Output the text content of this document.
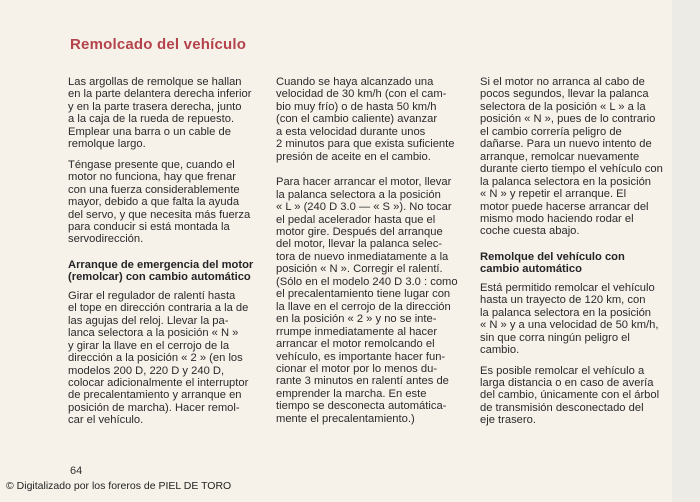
Remolcado del vehículo

Las argollas de remolque se hallan
en la parte delantera derecha inferior
y en la parte trasera derecha, junto
a la caja de la rueda de repuesto.
Emplear una barra o un cable de
remolque largo.

Téngase presente que, cuando el
motor no funciona, hay que frenar
con una fuerza considerablemente
mayor, debido a que falta la ayuda
del servo, y que necesita más fuerza
para conducir si está montada la
servodirección.

Arranque de emergencia del motor
(remolcar) con cambio automático

Girar el regulador de ralentí hasta
el tope en dirección contraria a la de
las agujas del reloj. Llevar la pa-
lanca selectora a la posición « N »
y girar la llave en el cerrojo de la
dirección a la posición « 2 » (en los
modelos 200 D, 220 D y 240 D,
colocar adicionalmente el interruptor
de precalentamiento y arranque en
posición de marcha). Hacer remol-
car el vehículo.

Cuando se haya alcanzado una
velocidad de 30 km/h (con el cam-
bio muy frío) o de hasta 50 km/h
(con el cambio caliente) avanzar
a esta velocidad durante unos
2 minutos para que exista suficiente
presión de aceite en el cambio.

Para hacer arrancar el motor, llevar
la palanca selectora a la posición
« L » (240 D 3.0 — « S »). No tocar
el pedal acelerador hasta que el
motor gire. Después del arranque
del motor, llevar la palanca selec-
tora de nuevo inmediatamente a la
posición « N ». Corregir el ralentí.
(Sólo en el modelo 240 D 3.0 : como
el precalentamiento tiene lugar con
la llave en el cerrojo de la dirección
en la posición « 2 » y no se inte-
rrumpe inmediatamente al hacer
arrancar el motor remolcando el
vehículo, es importante hacer fun-
cionar el motor por lo menos du-
rante 3 minutos en ralentí antes de
emprender la marcha. En este
tiempo se desconecta automática-
mente el precalentamiento.)

Si el motor no arranca al cabo de
pocos segundos, llevar la palanca
selectora de la posición « L » a la
posición « N », pues de lo contrario
el cambio correría peligro de
dañarse. Para un nuevo intento de
arranque, remolcar nuevamente
durante cierto tiempo el vehículo con
la palanca selectora en la posición
« N » y repetir el arranque. El
motor puede hacerse arrancar del
mismo modo haciendo rodar el
coche cuesta abajo.

Remolque del vehículo con
cambio automático

Está permitido remolcar el vehículo
hasta un trayecto de 120 km, con
la palanca selectora en la posición
« N » y a una velocidad de 50 km/h,
sin que corra ningún peligro el
cambio.

Es posible remolcar el vehículo a
larga distancia o en caso de avería
del cambio, únicamente con el árbol
de transmisión desconectado del
eje trasero.

64
© Digitalizado por los foreros de PIEL DE TORO
